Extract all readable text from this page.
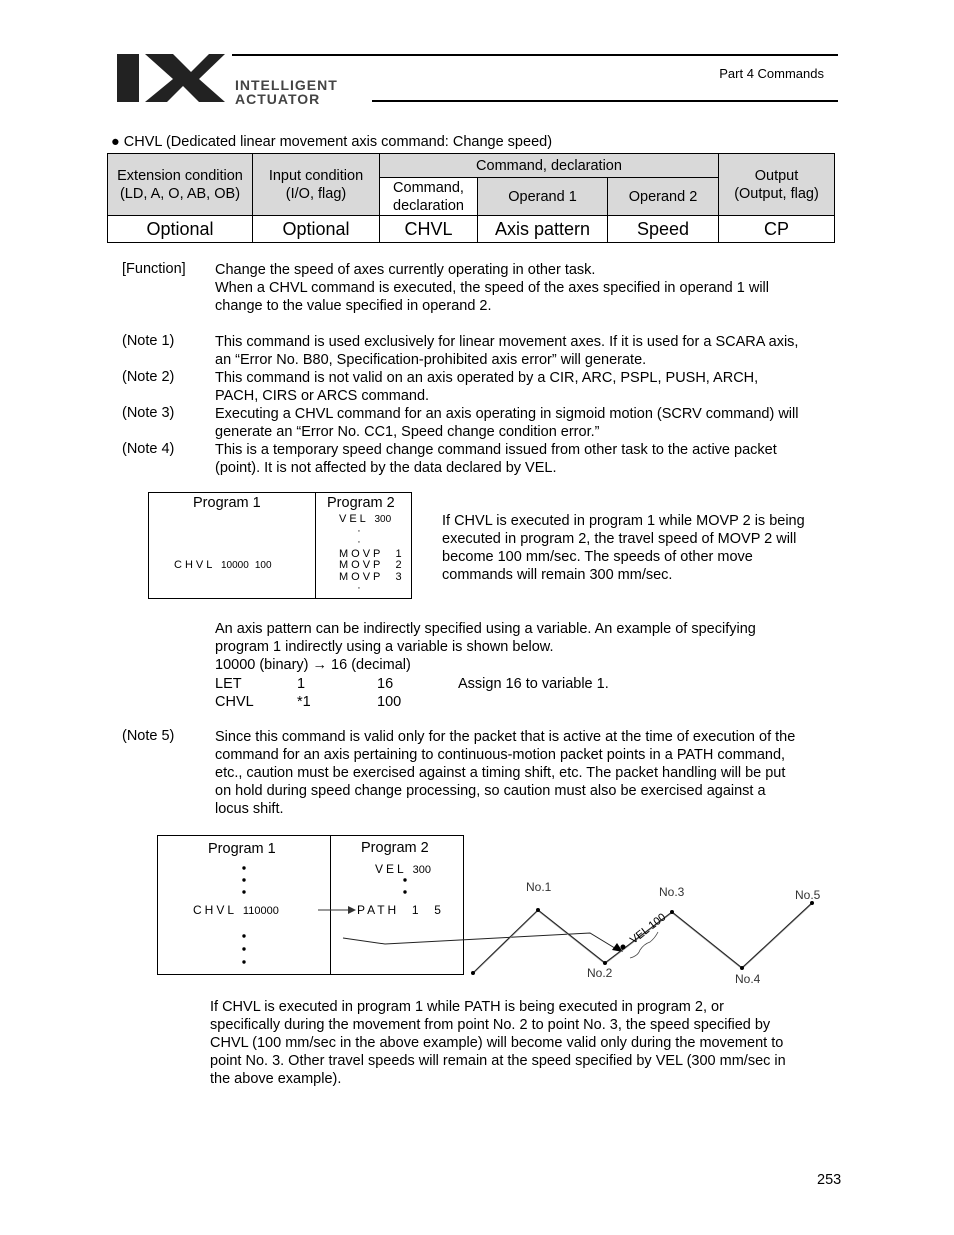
INTELLIGENT
ACTUATOR
Part 4 Commands
● CHVL (Dedicated linear movement axis command: Change speed)
Extension condition
(LD, A, O, AB, OB)	Input condition
(I/O, flag)	Command, declaration			Output
(Output, flag)
		Command,
declaration	Operand 1	Operand 2	
Optional	Optional	CHVL	Axis pattern	Speed	CP
[Function] Change the speed of axes currently operating in other task.
When a CHVL command is executed, the speed of the axes specified in operand 1 will
change to the value specified in operand 2.
(Note 1)	This command is used exclusively for linear movement axes. If it is used for a SCARA axis,
an “Error No. B80, Specification-prohibited axis error” will generate.
(Note 2)	This command is not valid on an axis operated by a CIR, ARC, PSPL, PUSH, ARCH,
PACH, CIRS or ARCS command.
(Note 3)	Executing a CHVL command for an axis operating in sigmoid motion (SCRV command) will
generate an “Error No. CC1, Speed change condition error.”
(Note 4)	This is a temporary speed change command issued from other task to the active packet
(point). It is not affected by the data declared by VEL.
Program 1	Program 2
CHVL 10000 100
VEL 300
·
·
MOVP 1
MOVP 2
MOVP 3
·
If CHVL is executed in program 1 while MOVP 2 is being
executed in program 2, the travel speed of MOVP 2 will
become 100 mm/sec. The speeds of other move
commands will remain 300 mm/sec.
An axis pattern can be indirectly specified using a variable. An example of specifying
program 1 indirectly using a variable is shown below.
10000 (binary) → 16 (decimal)
LET	1	16	Assign 16 to variable 1.
CHVL	*1	100
(Note 5)	Since this command is valid only for the packet that is active at the time of execution of the
command for an axis pertaining to continuous-motion packet points in a PATH command,
etc., caution must be exercised against a timing shift, etc. The packet handling will be put
on hold during speed change processing, so caution must also be exercised against a
locus shift.
Program 1	Program 2
VEL 300
CHVL 110000	PATH 1 5
No.1
No.2
No.3
No.4
No.5
VEL 100
If CHVL is executed in program 1 while PATH is being executed in program 2, or
specifically during the movement from point No. 2 to point No. 3, the speed specified by
CHVL (100 mm/sec in the above example) will become valid only during the movement to
point No. 3. Other travel speeds will remain at the speed specified by VEL (300 mm/sec in
the above example).
253
